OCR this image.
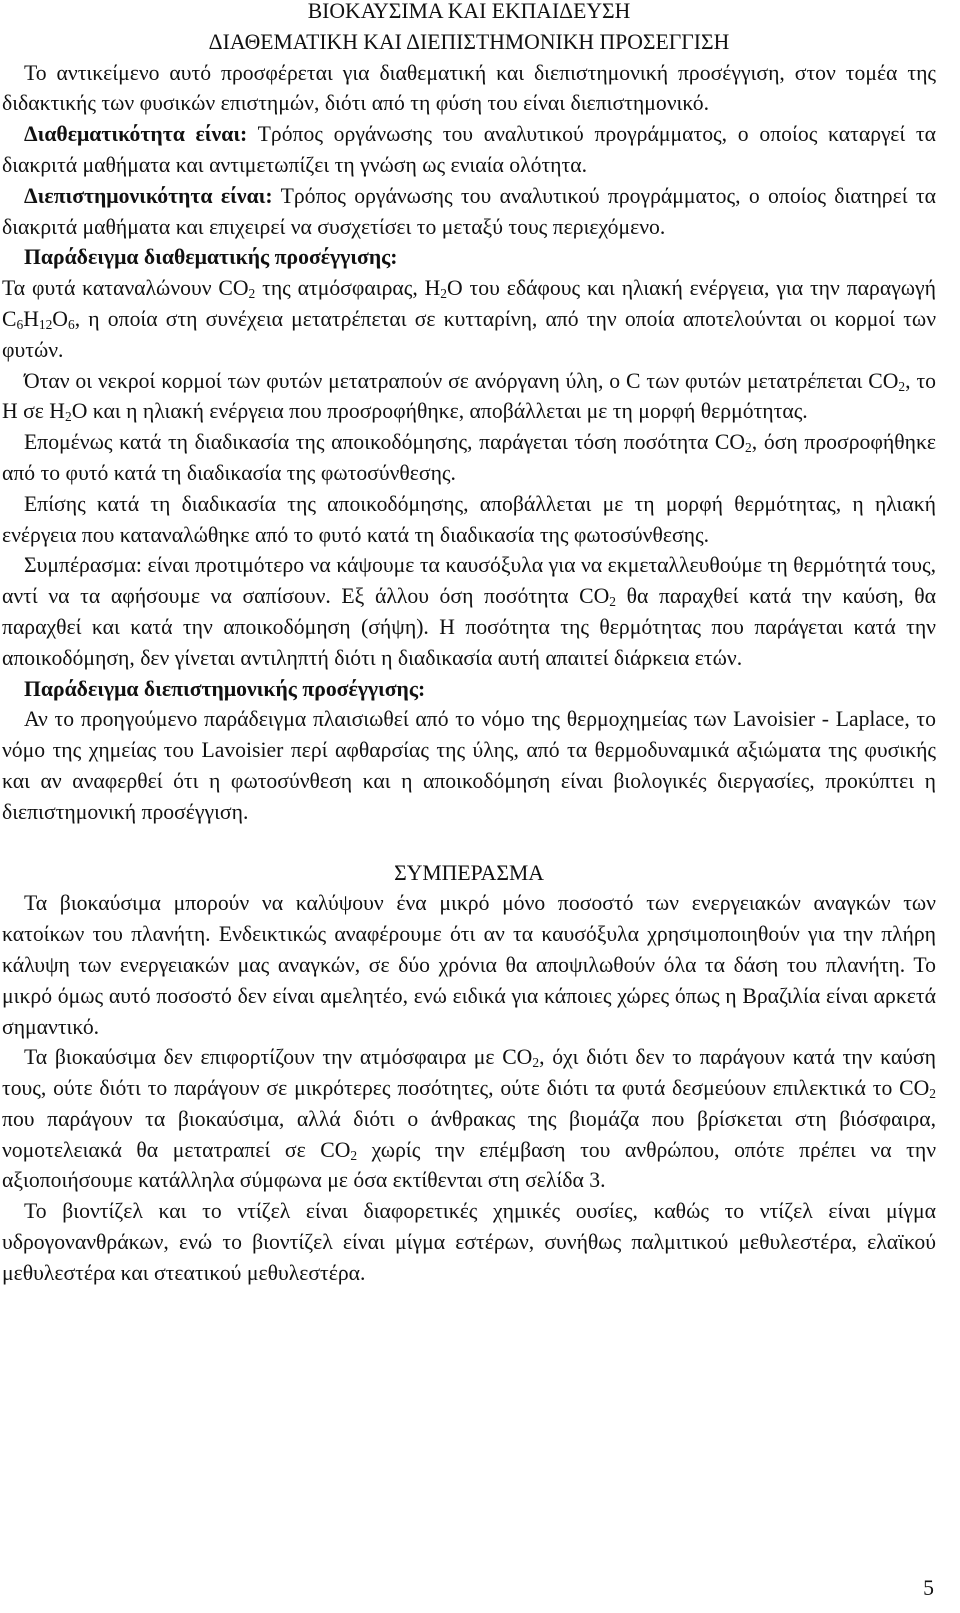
ΒΙΟΚΑΥΣΙΜΑ ΚΑΙ ΕΚΠΑΙΔΕΥΣΗ
ΔΙΑΘΕΜΑΤΙΚΗ ΚΑΙ ΔΙΕΠΙΣΤΗΜΟΝΙΚΗ ΠΡΟΣΕΓΓΙΣΗ

Το αντικείμενο αυτό προσφέρεται για διαθεματική και διεπιστημονική προσέγγιση, στον τομέα της διδακτικής των φυσικών επιστημών, διότι από τη φύση του είναι διεπιστημονικό.

Διαθεματικότητα είναι: Τρόπος οργάνωσης του αναλυτικού προγράμματος, ο οποίος καταργεί τα διακριτά μαθήματα και αντιμετωπίζει τη γνώση ως ενιαία ολότητα.

Διεπιστημονικότητα είναι: Τρόπος οργάνωσης του αναλυτικού προγράμματος, ο οποίος διατηρεί τα διακριτά μαθήματα και επιχειρεί να συσχετίσει το μεταξύ τους περιεχόμενο.

Παράδειγμα διαθεματικής προσέγγισης:

Τα φυτά καταναλώνουν $CO_2$ της ατμόσφαιρας, $H_2O$ του εδάφους και ηλιακή ενέργεια, για την παραγωγή $C_6H_{12}O_6$, η οποία στη συνέχεια μετατρέπεται σε κυτταρίνη, από την οποία αποτελούνται οι κορμοί των φυτών.

Όταν οι νεκροί κορμοί των φυτών μετατραπούν σε ανόργανη ύλη, ο C των φυτών μετατρέπεται $CO_2$, το H σε $H_2O$ και η ηλιακή ενέργεια που προσροφήθηκε, αποβάλλεται με τη μορφή θερμότητας.

Επομένως κατά τη διαδικασία της αποικοδόμησης, παράγεται τόση ποσότητα $CO_2$, όση προσροφήθηκε από το φυτό κατά τη διαδικασία της φωτοσύνθεσης.

Επίσης κατά τη διαδικασία της αποικοδόμησης, αποβάλλεται με τη μορφή θερμότητας, η ηλιακή ενέργεια που καταναλώθηκε από το φυτό κατά τη διαδικασία της φωτοσύνθεσης.

Συμπέρασμα: είναι προτιμότερο να κάψουμε τα καυσόξυλα για να εκμεταλλευθούμε τη θερμότητά τους, αντί να τα αφήσουμε να σαπίσουν. Εξ άλλου όση ποσότητα $CO_2$ θα παραχθεί κατά την καύση, θα παραχθεί και κατά την αποικοδόμηση (σήψη). Η ποσότητα της θερμότητας που παράγεται κατά την αποικοδόμηση, δεν γίνεται αντιληπτή διότι η διαδικασία αυτή απαιτεί διάρκεια ετών.

Παράδειγμα διεπιστημονικής προσέγγισης:

Αν το προηγούμενο παράδειγμα πλαισιωθεί από το νόμο της θερμοχημείας των Lavoisier - Laplace, το νόμο της χημείας του Lavoisier περί αφθαρσίας της ύλης, από τα θερμοδυναμικά αξιώματα της φυσικής και αν αναφερθεί ότι η φωτοσύνθεση και η αποικοδόμηση είναι βιολογικές διεργασίες, προκύπτει η διεπιστημονική προσέγγιση.

ΣΥΜΠΕΡΑΣΜΑ

Τα βιοκαύσιμα μπορούν να καλύψουν ένα μικρό μόνο ποσοστό των ενεργειακών αναγκών των κατοίκων του πλανήτη. Ενδεικτικώς αναφέρουμε ότι αν τα καυσόξυλα χρησιμοποιηθούν για την πλήρη κάλυψη των ενεργειακών μας αναγκών, σε δύο χρόνια θα αποψιλωθούν όλα τα δάση του πλανήτη. Το μικρό όμως αυτό ποσοστό δεν είναι αμελητέο, ενώ ειδικά για κάποιες χώρες όπως η Βραζιλία είναι αρκετά σημαντικό.

Τα βιοκαύσιμα δεν επιφορτίζουν την ατμόσφαιρα με $CO_2$, όχι διότι δεν το παράγουν κατά την καύση τους, ούτε διότι το παράγουν σε μικρότερες ποσότητες, ούτε διότι τα φυτά δεσμεύουν επιλεκτικά το $CO_2$ που παράγουν τα βιοκαύσιμα, αλλά διότι ο άνθρακας της βιομάζα που βρίσκεται στη βιόσφαιρα, νομοτελειακά θα μετατραπεί σε $CO_2$ χωρίς την επέμβαση του ανθρώπου, οπότε πρέπει να την αξιοποιήσουμε κατάλληλα σύμφωνα με όσα εκτίθενται στη σελίδα 3.

Το βιοντίζελ και το ντίζελ είναι διαφορετικές χημικές ουσίες, καθώς το ντίζελ είναι μίγμα υδρογονανθράκων, ενώ το βιοντίζελ είναι μίγμα εστέρων, συνήθως παλμιτικού μεθυλεστέρα, ελαϊκού μεθυλεστέρα και στεατικού μεθυλεστέρα.

5
